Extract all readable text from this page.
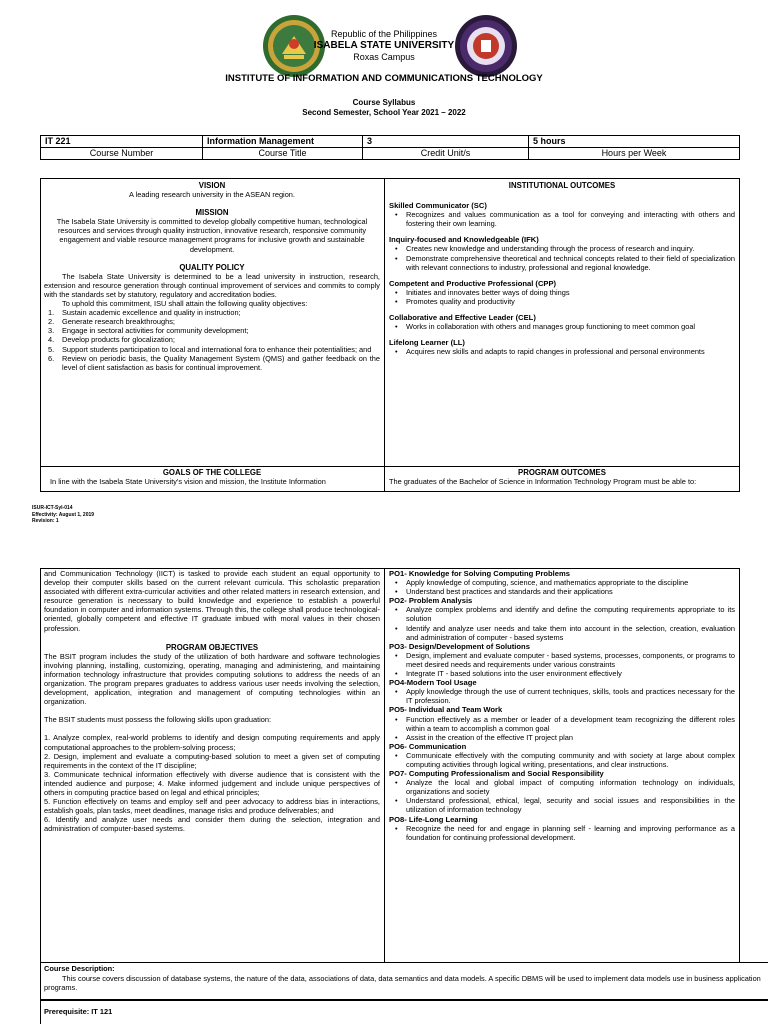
Republic of the Philippines
ISABELA STATE UNIVERSITY
Roxas Campus
INSTITUTE OF INFORMATION AND COMMUNICATIONS TECHNOLOGY
Course Syllabus
Second Semester, School Year 2021 – 2022
IT 221	Information Management	3	5 hours
Course Number	Course Title	Credit Unit/s	Hours per Week
VISION
A leading research university in the ASEAN region.
MISSION
The Isabela State University is committed to develop globally competitive human, technological resources and services through quality instruction, innovative research, responsive community engagement and viable resource management programs for inclusive growth and sustainable development.
QUALITY POLICY
The Isabela State University is determined to be a lead university in instruction, research, extension and resource generation through continual improvement of services and commits to comply with the standards set by statutory, regulatory and accreditation bodies.
To uphold this commitment, ISU shall attain the following quality objectives:
1. Sustain academic excellence and quality in instruction;
2. Generate research breakthroughs;
3. Engage in sectoral activities for community development;
4. Develop products for glocalization;
5. Support students participation to local and international fora to enhance their potentialities; and
6. Review on periodic basis, the Quality Management System (QMS) and gather feedback on the level of client satisfaction as basis for continual improvement.
INSTITUTIONAL OUTCOMES
Skilled Communicator (SC)
• Recognizes and values communication as a tool for conveying and interacting with others and fostering their own learning.
Inquiry-focused and Knowledgeable (IFK)
• Creates new knowledge and understanding through the process of research and inquiry.
• Demonstrate comprehensive theoretical and technical concepts related to their field of specialization with relevant connections to industry, professional and regional knowledge.
Competent and Productive Professional (CPP)
• Initiates and innovates better ways of doing things
• Promotes quality and productivity
Collaborative and Effective Leader (CEL)
• Works in collaboration with others and manages group functioning to meet common goal
Lifelong Learner (LL)
• Acquires new skills and adapts to rapid changes in professional and personal environments
GOALS OF THE COLLEGE
In line with the Isabela State University's vision and mission, the Institute Information
PROGRAM OUTCOMES
The graduates of the Bachelor of Science in Information Technology Program must be able to:
ISUR-ICT-Syl-014
Effectivity: August 1, 2019
Revision: 1
and Communication Technology (IICT) is tasked to provide each student an equal opportunity to develop their computer skills based on the current relevant curricula. This scholastic preparation associated with different extra-curricular activities and other related matters in research extension, and resource generation is necessary to build knowledge and experience to establish a powerful foundation in computer and information systems. Through this, the college shall produce technological-oriented, globally competent and effective IT graduate imbued with moral values in their chosen profession.
PROGRAM OBJECTIVES
The BSIT program includes the study of the utilization of both hardware and software technologies involving planning, installing, customizing, operating, managing and administering, and maintaining information technology infrastructure that provides computing solutions to address the needs of an organization. The program prepares graduates to address various user needs involving the selection, development, application, integration and management of computing technologies within an organization.
The BSIT students must possess the following skills upon graduation:
1. Analyze complex, real-world problems to identify and design computing requirements and apply computational approaches to the problem-solving process;
2. Design, implement and evaluate a computing-based solution to meet a given set of computing requirements in the context of the IT discipline;
3. Communicate technical information effectively with diverse audience that is consistent with the intended audience and purpose; 4. Make informed judgement and include unique perspectives of others in computing practice based on legal and ethical principles;
5. Function effectively on teams and employ self and peer advocacy to address bias in interactions, establish goals, plan tasks, meet deadlines, manage risks and produce deliverables; and
6. Identify and analyze user needs and consider them during the selection, integration and administration of computer-based systems.
PO1- Knowledge for Solving Computing Problems
• Apply knowledge of computing, science, and mathematics appropriate to the discipline
• Understand best practices and standards and their applications
PO2- Problem Analysis
• Analyze complex problems and identify and define the computing requirements appropriate to its solution
• Identify and analyze user needs and take them into account in the selection, creation, evaluation and administration of computer - based systems
PO3- Design/Development of Solutions
• Design, implement and evaluate computer - based systems, processes, components, or programs to meet desired needs and requirements under various constraints
• Integrate IT - based solutions into the user environment effectively
PO4-Modern Tool Usage
• Apply knowledge through the use of current techniques, skills, tools and practices necessary for the IT profession.
PO5- Individual and Team Work
• Function effectively as a member or leader of a development team recognizing the different roles within a team to accomplish a common goal
• Assist in the creation of the effective IT project plan
PO6- Communication
• Communicate effectively with the computing community and with society at large about complex computing activities through logical writing, presentations, and clear instructions.
PO7- Computing Professionalism and Social Responsibility
• Analyze the local and global impact of computing information technology on individuals, organizations and society
• Understand professional, ethical, legal, security and social issues and responsibilities in the utilization of information technology
PO8- Life-Long Learning
• Recognize the need for and engage in planning self - learning and improving performance as a foundation for continuing professional development.
Course Description:
This course covers discussion of database systems, the nature of the data, associations of data, data semantics and data models. A specific DBMS will be used to implement data models use in business application programs.
Prerequisite: IT 121
